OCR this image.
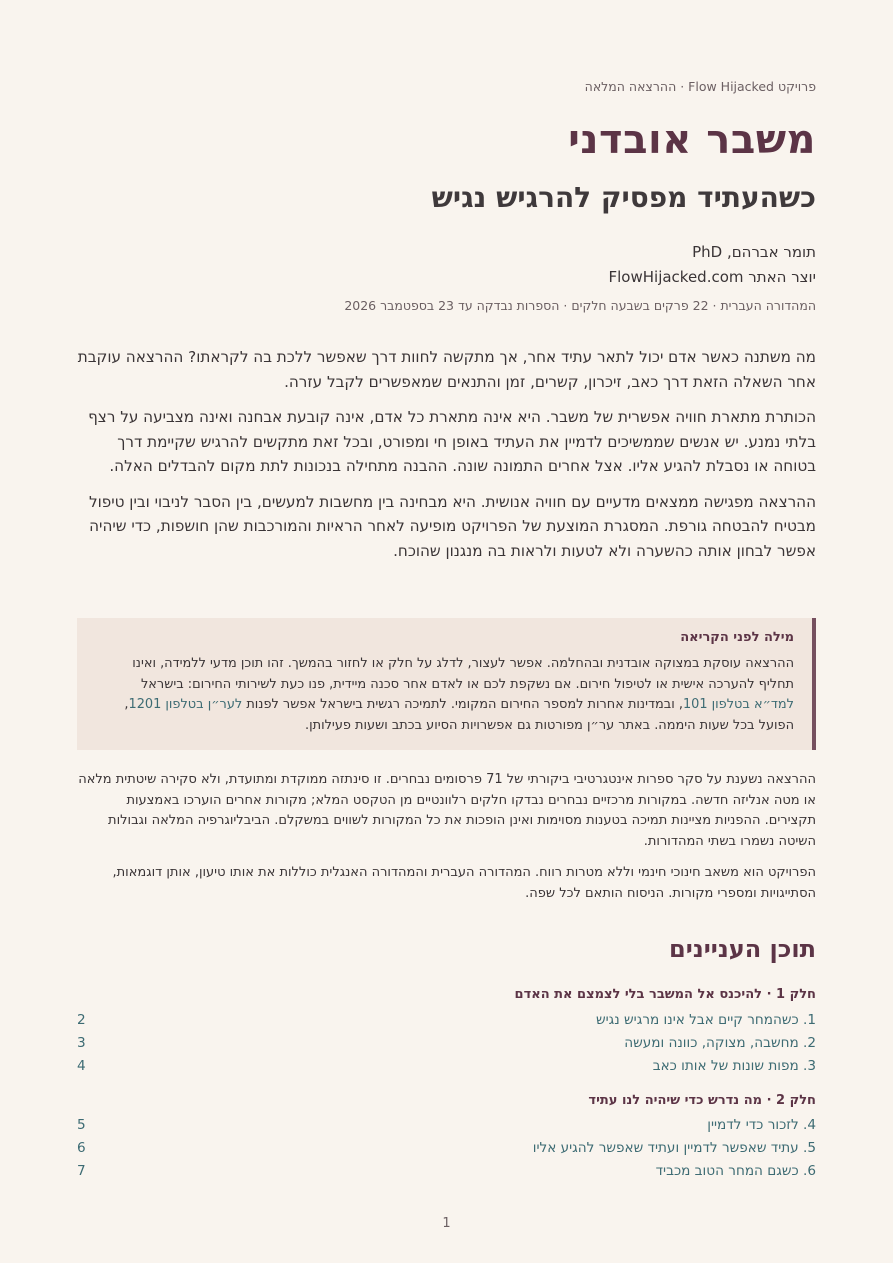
פרויקט Flow Hijacked · ההרצאה המלאה
משבר אובדני
כשהעתיד מפסיק להרגיש נגיש
תומר אברהם, PhD
יוצר האתר FlowHijacked.com
המהדורה העברית · 22 פרקים בשבעה חלקים · הספרות נבדקה עד 23 בספטמבר 2026

מה משתנה כאשר אדם יכול לתאר עתיד אחר, אך מתקשה לחוות דרך שאפשר ללכת בה לקראתו? ההרצאה עוקבת אחר השאלה הזאת דרך כאב, זיכרון, קשרים, זמן והתנאים שמאפשרים לקבל עזרה.

הכותרת מתארת חוויה אפשרית של משבר. היא אינה מתארת כל אדם, אינה קובעת אבחנה ואינה מצביעה על רצף בלתי נמנע. יש אנשים שממשיכים לדמיין את העתיד באופן חי ומפורט, ובכל זאת מתקשים להרגיש שקיימת דרך בטוחה או נסבלת להגיע אליו. אצל אחרים התמונה שונה. ההבנה מתחילה בנכונות לתת מקום להבדלים האלה.

ההרצאה מפגישה ממצאים מדעיים עם חוויה אנושית. היא מבחינה בין מחשבות למעשים, בין הסבר לניבוי ובין טיפול מבטיח להבטחה גורפת. המסגרת המוצעת של הפרויקט מופיעה לאחר הראיות והמורכבות שהן חושפות, כדי שיהיה אפשר לבחון אותה כהשערה ולא לטעות ולראות בה מנגנון שהוכח.

מילה לפני הקריאה
ההרצאה עוסקת במצוקה אובדנית ובהחלמה. אפשר לעצור, לדלג על חלק או לחזור בהמשך. זהו תוכן מדעי ללמידה, ואינו תחליף להערכה אישית או לטיפול חירום. אם נשקפת לכם או לאדם אחר סכנה מיידית, פנו כעת לשירותי החירום: בישראל למד״א בטלפון 101, ובמדינות אחרות למספר החירום המקומי. לתמיכה רגשית בישראל אפשר לפנות לער״ן בטלפון 1201, הפועל בכל שעות היממה. באתר ער״ן מפורטות גם אפשרויות הסיוע בכתב ושעות פעילותן.

ההרצאה נשענת על סקר ספרות אינטגרטיבי ביקורתי של 71 פרסומים נבחרים. זו סינתזה ממוקדת ומתועדת, ולא סקירה שיטתית מלאה או מטה אנליזה חדשה. במקורות מרכזיים נבחרים נבדקו חלקים רלוונטיים מן הטקסט המלא; מקורות אחרים הוערכו באמצעות תקצירים. ההפניות מציינות תמיכה בטענות מסוימות ואינן הופכות את כל המקורות לשווים במשקלם. הביבליוגרפיה המלאה וגבולות השיטה נשמרו בשתי המהדורות.

הפרויקט הוא משאב חינוכי חינמי וללא מטרות רווח. המהדורה העברית והמהדורה האנגלית כוללות את אותו טיעון, אותן דוגמאות, הסתייגויות ומספרי מקורות. הניסוח הותאם לכל שפה.

תוכן העניינים
חלק 1 · להיכנס אל המשבר בלי לצמצם את האדם
1. כשהמחר קיים אבל אינו מרגיש נגיש
2
2. מחשבה, מצוקה, כוונה ומעשה
3
3. מפות שונות של אותו כאב
4
חלק 2 · מה נדרש כדי שיהיה לנו עתיד
4. לזכור כדי לדמיין
5
5. עתיד שאפשר לדמיין ועתיד שאפשר להגיע אליו
6
6. כשגם המחר הטוב מכביד
7
1
